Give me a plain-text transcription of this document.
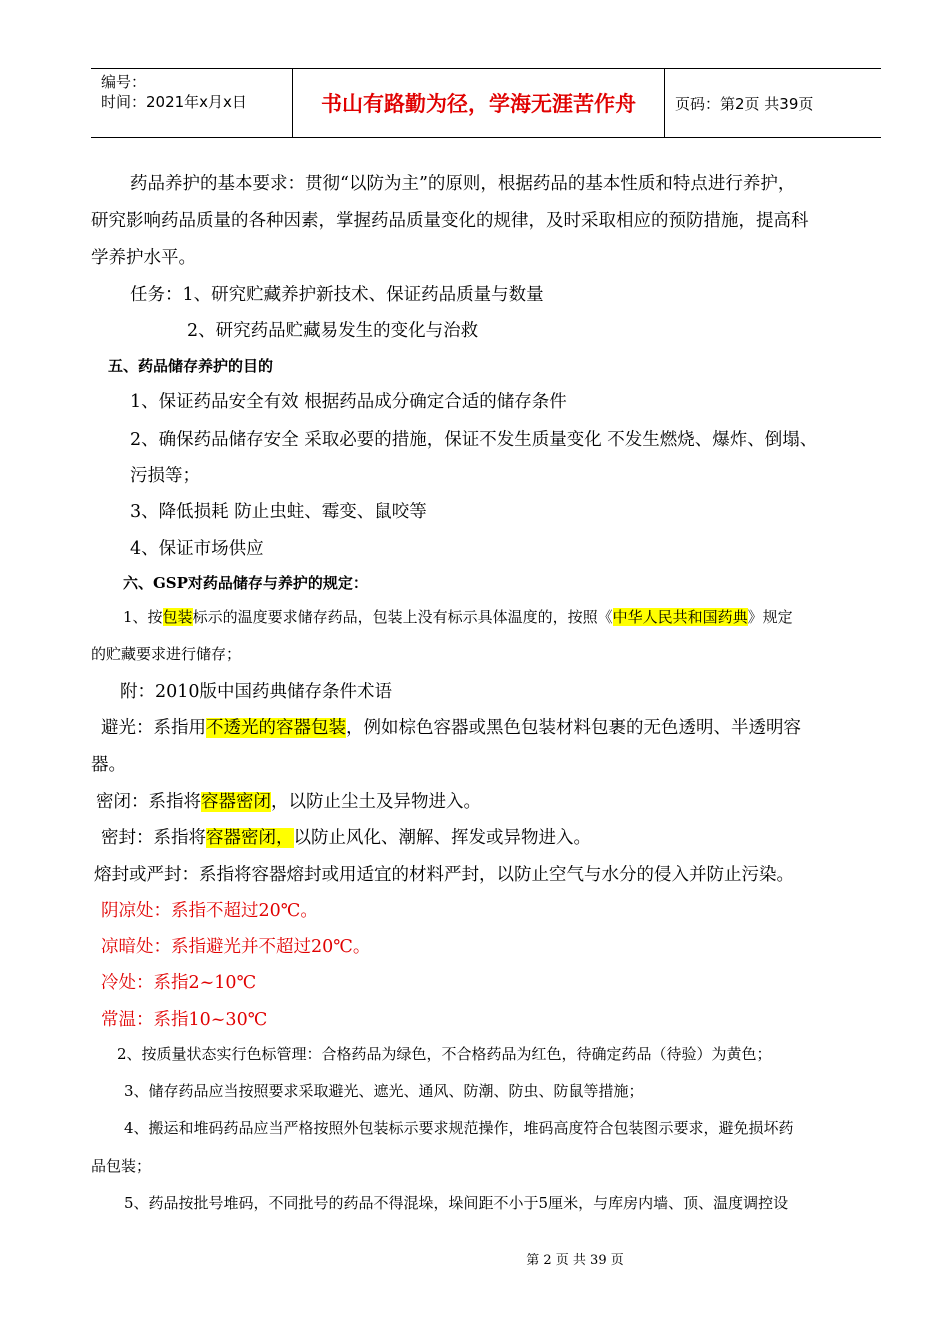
编号：
时间：2021年x月x日	书山有路勤为径，学海无涯苦作舟	页码：第2页 共39页
药品养护的基本要求：贯彻“以防为主”的原则，根据药品的基本性质和特点进行养护，
研究影响药品质量的各种因素，掌握药品质量变化的规律，及时采取相应的预防措施，提高科
学养护水平。
任务：1、研究贮藏养护新技术、保证药品质量与数量
2、研究药品贮藏易发生的变化与治救
五、药品储存养护的目的
1、保证药品安全有效 根据药品成分确定合适的储存条件
2、确保药品储存安全 采取必要的措施，保证不发生质量变化 不发生燃烧、爆炸、倒塌、
污损等；
3、降低损耗 防止虫蛀、霉变、鼠咬等
4、保证市场供应
六、GSP对药品储存与养护的规定：
1、按包装标示的温度要求储存药品，包装上没有标示具体温度的，按照《中华人民共和国药典》规定
的贮藏要求进行储存；
附：2010版中国药典储存条件术语
避光：系指用不透光的容器包装，例如棕色容器或黑色包装材料包裹的无色透明、半透明容
器。
密闭：系指将容器密闭，以防止尘土及异物进入。
密封：系指将容器密闭，以防止风化、潮解、挥发或异物进入。
熔封或严封：系指将容器熔封或用适宜的材料严封，以防止空气与水分的侵入并防止污染。
阴凉处：系指不超过20℃。
凉暗处：系指避光并不超过20℃。
冷处：系指2~10℃
常温：系指10~30℃
2、按质量状态实行色标管理：合格药品为绿色，不合格药品为红色，待确定药品（待验）为黄色；
3、储存药品应当按照要求采取避光、遮光、通风、防潮、防虫、防鼠等措施；
4、搬运和堆码药品应当严格按照外包装标示要求规范操作，堆码高度符合包装图示要求，避免损坏药
品包装；
5、药品按批号堆码，不同批号的药品不得混垛，垛间距不小于5厘米，与库房内墙、顶、温度调控设
第 2 页 共 39 页
